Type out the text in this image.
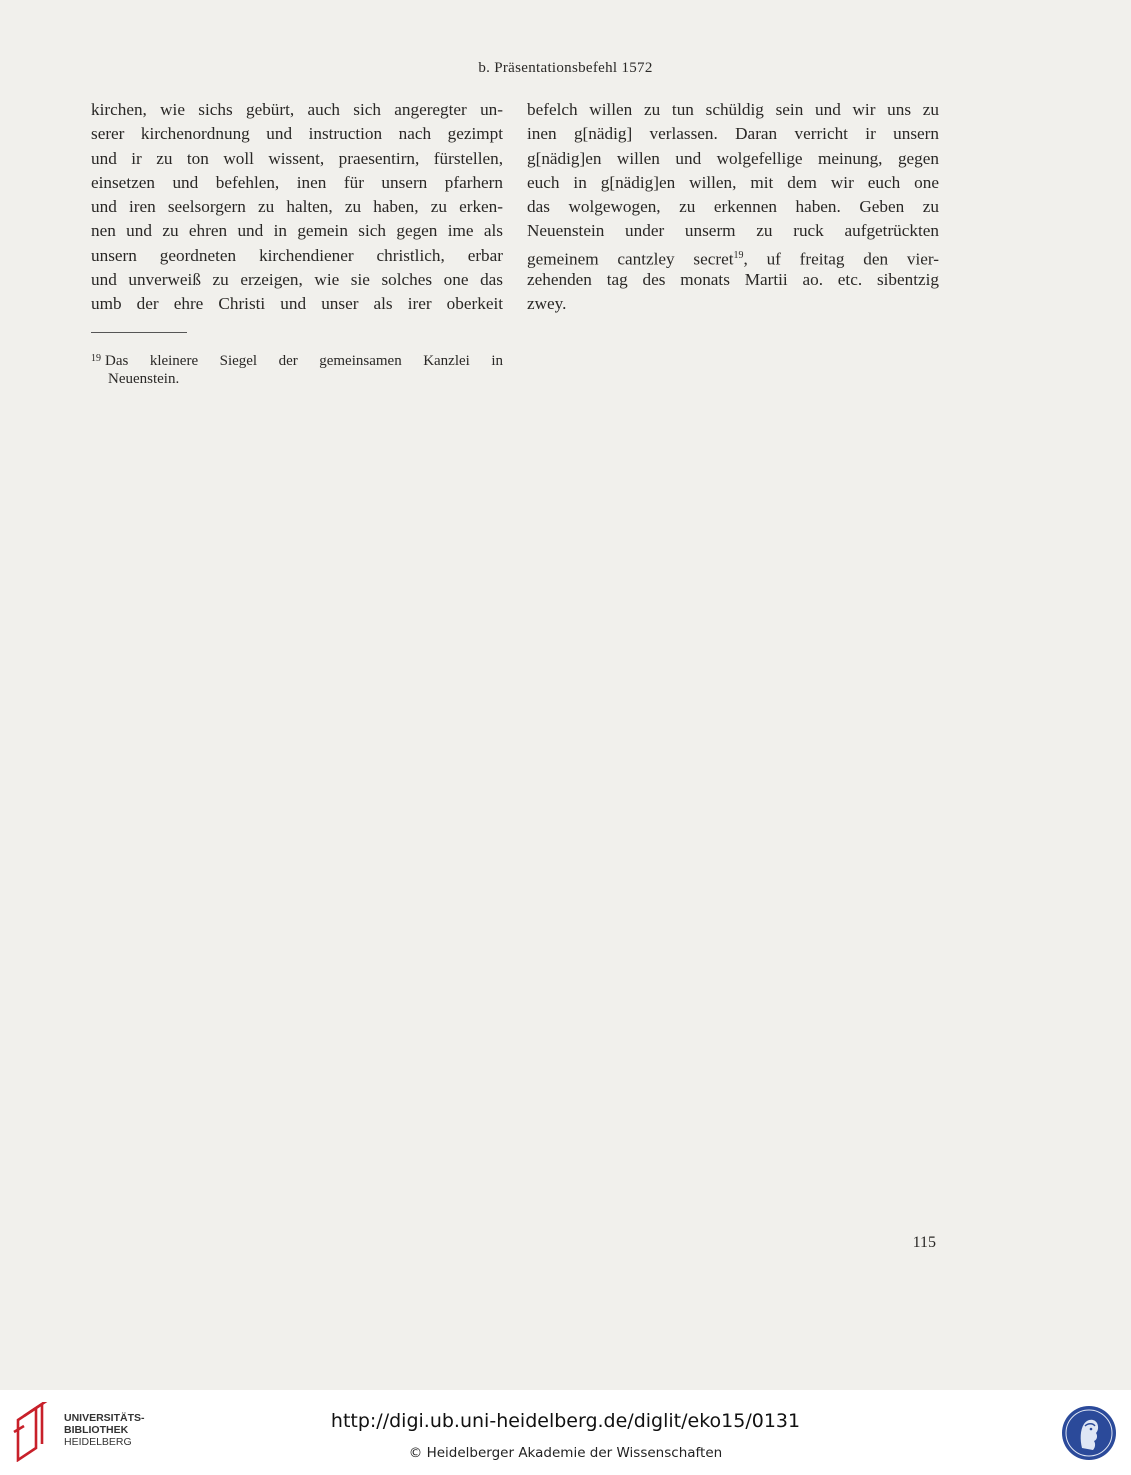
b. Präsentationsbefehl 1572
kirchen, wie sichs gebürt, auch sich angeregter un-
serer kirchenordnung und instruction nach gezimpt
und ir zu ton woll wissent, praesentirn, fürstellen,
einsetzen und befehlen, inen für unsern pfarhern
und iren seelsorgern zu halten, zu haben, zu erken-
nen und zu ehren und in gemein sich gegen ime als
unsern geordneten kirchendiener christlich, erbar
und unverweiß zu erzeigen, wie sie solches one das
umb der ehre Christi und unser als irer oberkeit
befelch willen zu tun schüldig sein und wir uns zu
inen g[nädig] verlassen. Daran verricht ir unsern
g[nädig]en willen und wolgefellige meinung, gegen
euch in g[nädig]en willen, mit dem wir euch one
das wolgewogen, zu erkennen haben. Geben zu
Neuenstein under unserm zu ruck aufgetrückten
gemeinem cantzley secret$^{19}$, uf freitag den vier-
zehenden tag des monats Martii ao. etc. sibentzig
zwey.
$^{19}$ Das kleinere Siegel der gemeinsamen Kanzlei in
Neuenstein.
115
UNIVERSITÄTS-
BIBLIOTHEK
HEIDELBERG
http://digi.ub.uni-heidelberg.de/diglit/eko15/0131
© Heidelberger Akademie der Wissenschaften
